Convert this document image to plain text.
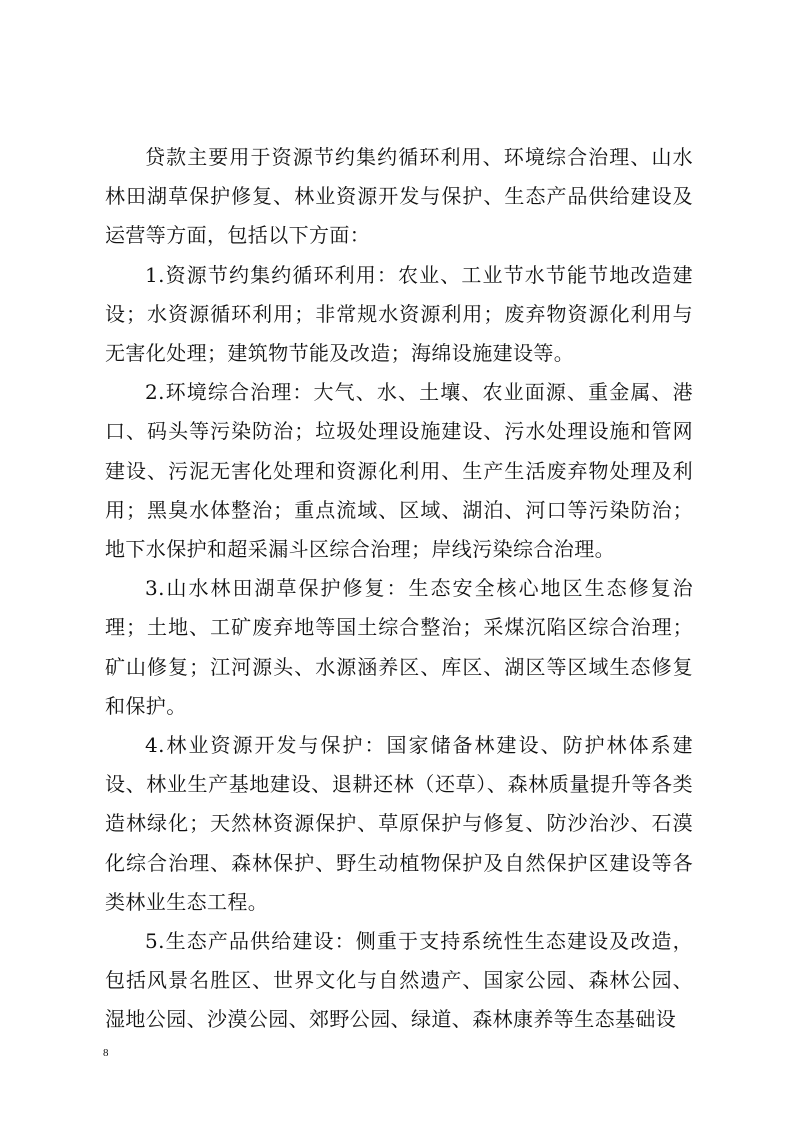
贷款主要用于资源节约集约循环利用、环境综合治理、山水林田湖草保护修复、林业资源开发与保护、生态产品供给建设及运营等方面，包括以下方面：

1.资源节约集约循环利用：农业、工业节水节能节地改造建设；水资源循环利用；非常规水资源利用；废弃物资源化利用与无害化处理；建筑物节能及改造；海绵设施建设等。

2.环境综合治理：大气、水、土壤、农业面源、重金属、港口、码头等污染防治；垃圾处理设施建设、污水处理设施和管网建设、污泥无害化处理和资源化利用、生产生活废弃物处理及利用；黑臭水体整治；重点流域、区域、湖泊、河口等污染防治；地下水保护和超采漏斗区综合治理；岸线污染综合治理。

3.山水林田湖草保护修复：生态安全核心地区生态修复治理；土地、工矿废弃地等国土综合整治；采煤沉陷区综合治理；矿山修复；江河源头、水源涵养区、库区、湖区等区域生态修复和保护。

4.林业资源开发与保护：国家储备林建设、防护林体系建设、林业生产基地建设、退耕还林（还草）、森林质量提升等各类造林绿化；天然林资源保护、草原保护与修复、防沙治沙、石漠化综合治理、森林保护、野生动植物保护及自然保护区建设等各类林业生态工程。

5.生态产品供给建设：侧重于支持系统性生态建设及改造，包括风景名胜区、世界文化与自然遗产、国家公园、森林公园、湿地公园、沙漠公园、郊野公园、绿道、森林康养等生态基础设

8
